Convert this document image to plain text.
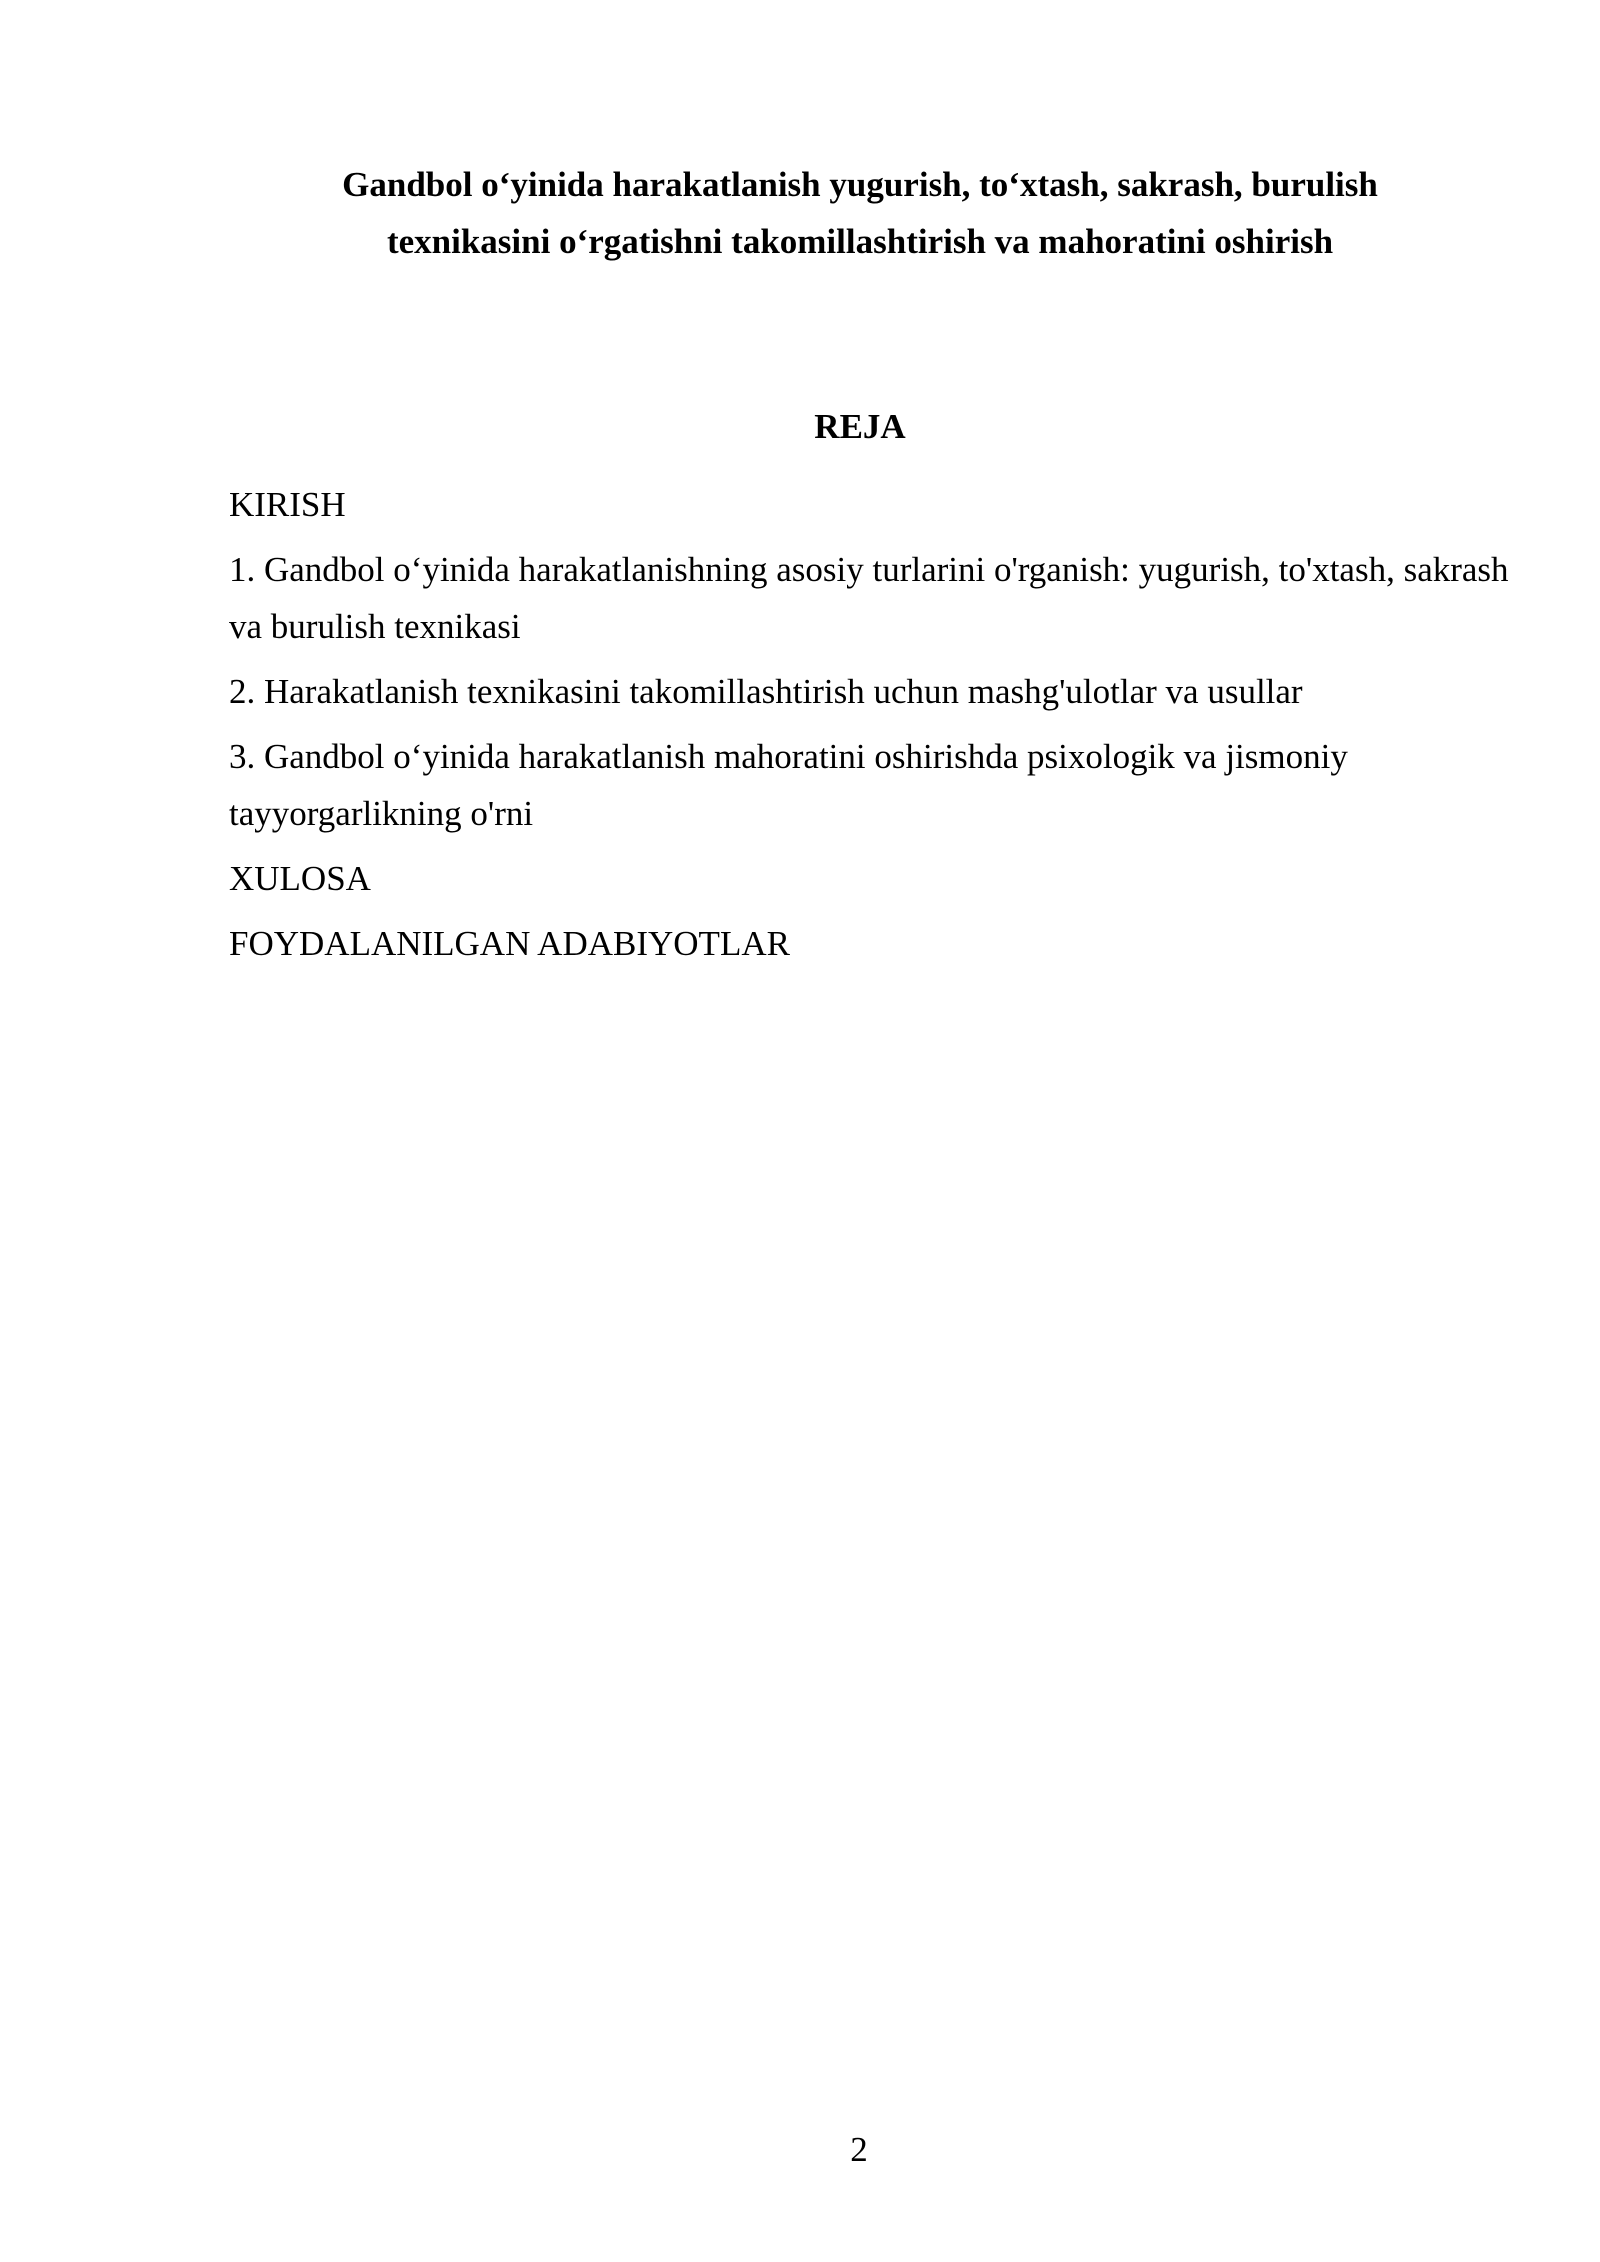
Gandbol o‘yinida harakatlanish yugurish, to‘xtash, sakrash, burulish
texnikasini o‘rgatishni takomillashtirish va mahoratini oshirish
REJA
KIRISH
1. Gandbol o‘yinida harakatlanishning asosiy turlarini o'rganish: yugurish, to'xtash, sakrash va burulish texnikasi
2. Harakatlanish texnikasini takomillashtirish uchun mashg'ulotlar va usullar
3. Gandbol o‘yinida harakatlanish mahoratini oshirishda psixologik va jismoniy tayyorgarlikning o'rni
XULOSA
FOYDALANILGAN ADABIYOTLAR
2
